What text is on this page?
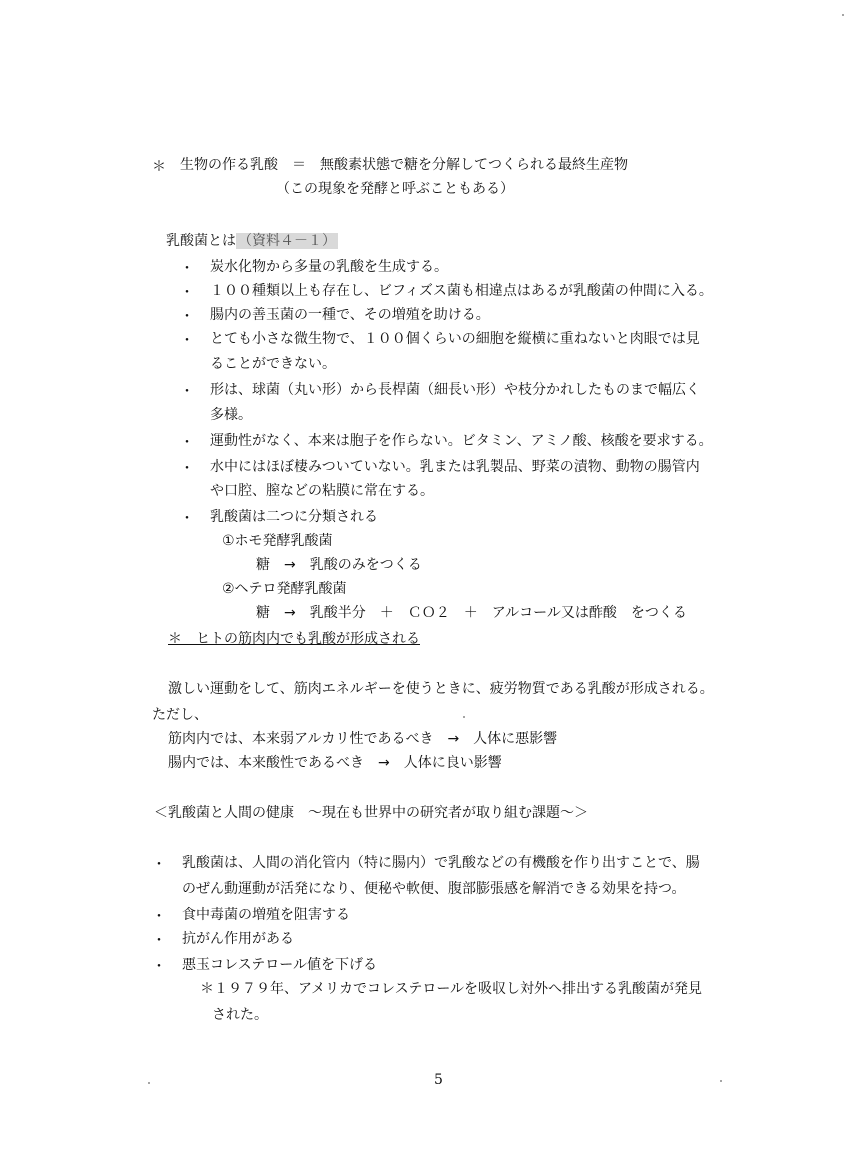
＊ 生物の作る乳酸　＝　無酸素状態で糖を分解してつくられる最終生産物
（この現象を発酵と呼ぶこともある）
乳酸菌とは （資料４－１）
・ 炭水化物から多量の乳酸を生成する。
・ １００種類以上も存在し、ビフィズス菌も相違点はあるが乳酸菌の仲間に入る。
・ 腸内の善玉菌の一種で、その増殖を助ける。
・ とても小さな微生物で、１００個くらいの細胞を縦横に重ねないと肉眼では見
ることができない。
・ 形は、球菌（丸い形）から長桿菌（細長い形）や枝分かれしたものまで幅広く
多様。
・ 運動性がなく、本来は胞子を作らない。ビタミン、アミノ酸、核酸を要求する。
・ 水中にはほぼ棲みついていない。乳または乳製品、野菜の漬物、動物の腸管内
や口腔、膣などの粘膜に常在する。
・ 乳酸菌は二つに分類される
①ホモ発酵乳酸菌
糖　→　乳酸のみをつくる
②ヘテロ発酵乳酸菌
糖　→　乳酸半分　＋　ＣＯ２　＋　アルコール又は酢酸　をつくる
＊　ヒトの筋肉内でも乳酸が形成される
激しい運動をして、筋肉エネルギーを使うときに、疲労物質である乳酸が形成される。
ただし、
筋肉内では、本来弱アルカリ性であるべき　→　人体に悪影響
腸内では、本来酸性であるべき　→　人体に良い影響
＜乳酸菌と人間の健康　～現在も世界中の研究者が取り組む課題～＞
・ 乳酸菌は、人間の消化管内（特に腸内）で乳酸などの有機酸を作り出すことで、腸
のぜん動運動が活発になり、便秘や軟便、腹部膨張感を解消できる効果を持つ。
・ 食中毒菌の増殖を阻害する
・ 抗がん作用がある
・ 悪玉コレステロール値を下げる
＊１９７９年、アメリカでコレステロールを吸収し対外へ排出する乳酸菌が発見
された。
5
